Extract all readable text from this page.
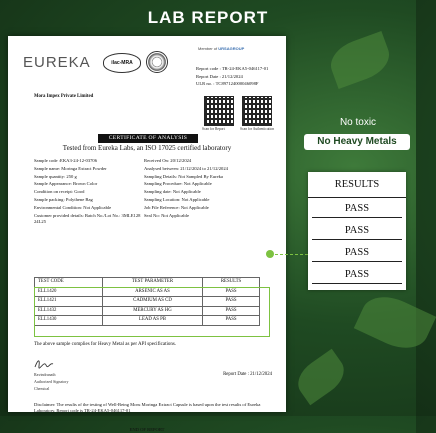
LAB REPORT
EUREKA	ilac-MRA
Member of URSAGROUP
Report code : TR-24-EKA5-046117-01
Report Date : 21/12/2024
ULR no. : TC897124000046098F
Mora Impex Private Limited
Scan for Report	Scan for Authentication
CERTIFICATE OF ANALYSIS
Tested from Eureka Labs, an ISO 17025 certified laboratory
Sample code :EKA3-24-12-03706
Sample name: Moringa Extract Powder
Sample quantity: 250 g
Sample Appearance: Brown Color
Condition on receipt: Good
Sample packing: Polythene Bag
Environmental Condition: Not Applicable
Customer provided details: Batch No./Lot No.: 3MLE128 24L25
Received On: 20/12/2024
Analysed between: 21/12/2024 to 21/12/2024
Sampling Details: Not Sampled By Eureka
Sampling Procedure: Not Applicable
Sampling date: Not Applicable
Sampling Location: Not Applicable
Job File Reference: Not Applicable
Seal No: Not Applicable
TEST CODE	TEST PARAMETER	RESULTS
ELL1420	ARSENIC AS AS	PASS
ELL1421	CADMIUM AS CD	PASS
ELL1432	MERCURY AS HG	PASS
ELL1430	LEAD AS PB	PASS
The above sample complies for Heavy Metal as per API specifications.
Ravindranath
Authorized Signatory
Chemical
Report Date : 21/12/2024
Disclaimer: The results of the testing of Well-Being Moru Moringa Extract Capsule is based upon the test results of Eureka Laboratory. Report code is TR-24-EKA5-046117-01
END OF REPORT
No toxic
No Heavy Metals
RESULTS
PASS
PASS
PASS
PASS
